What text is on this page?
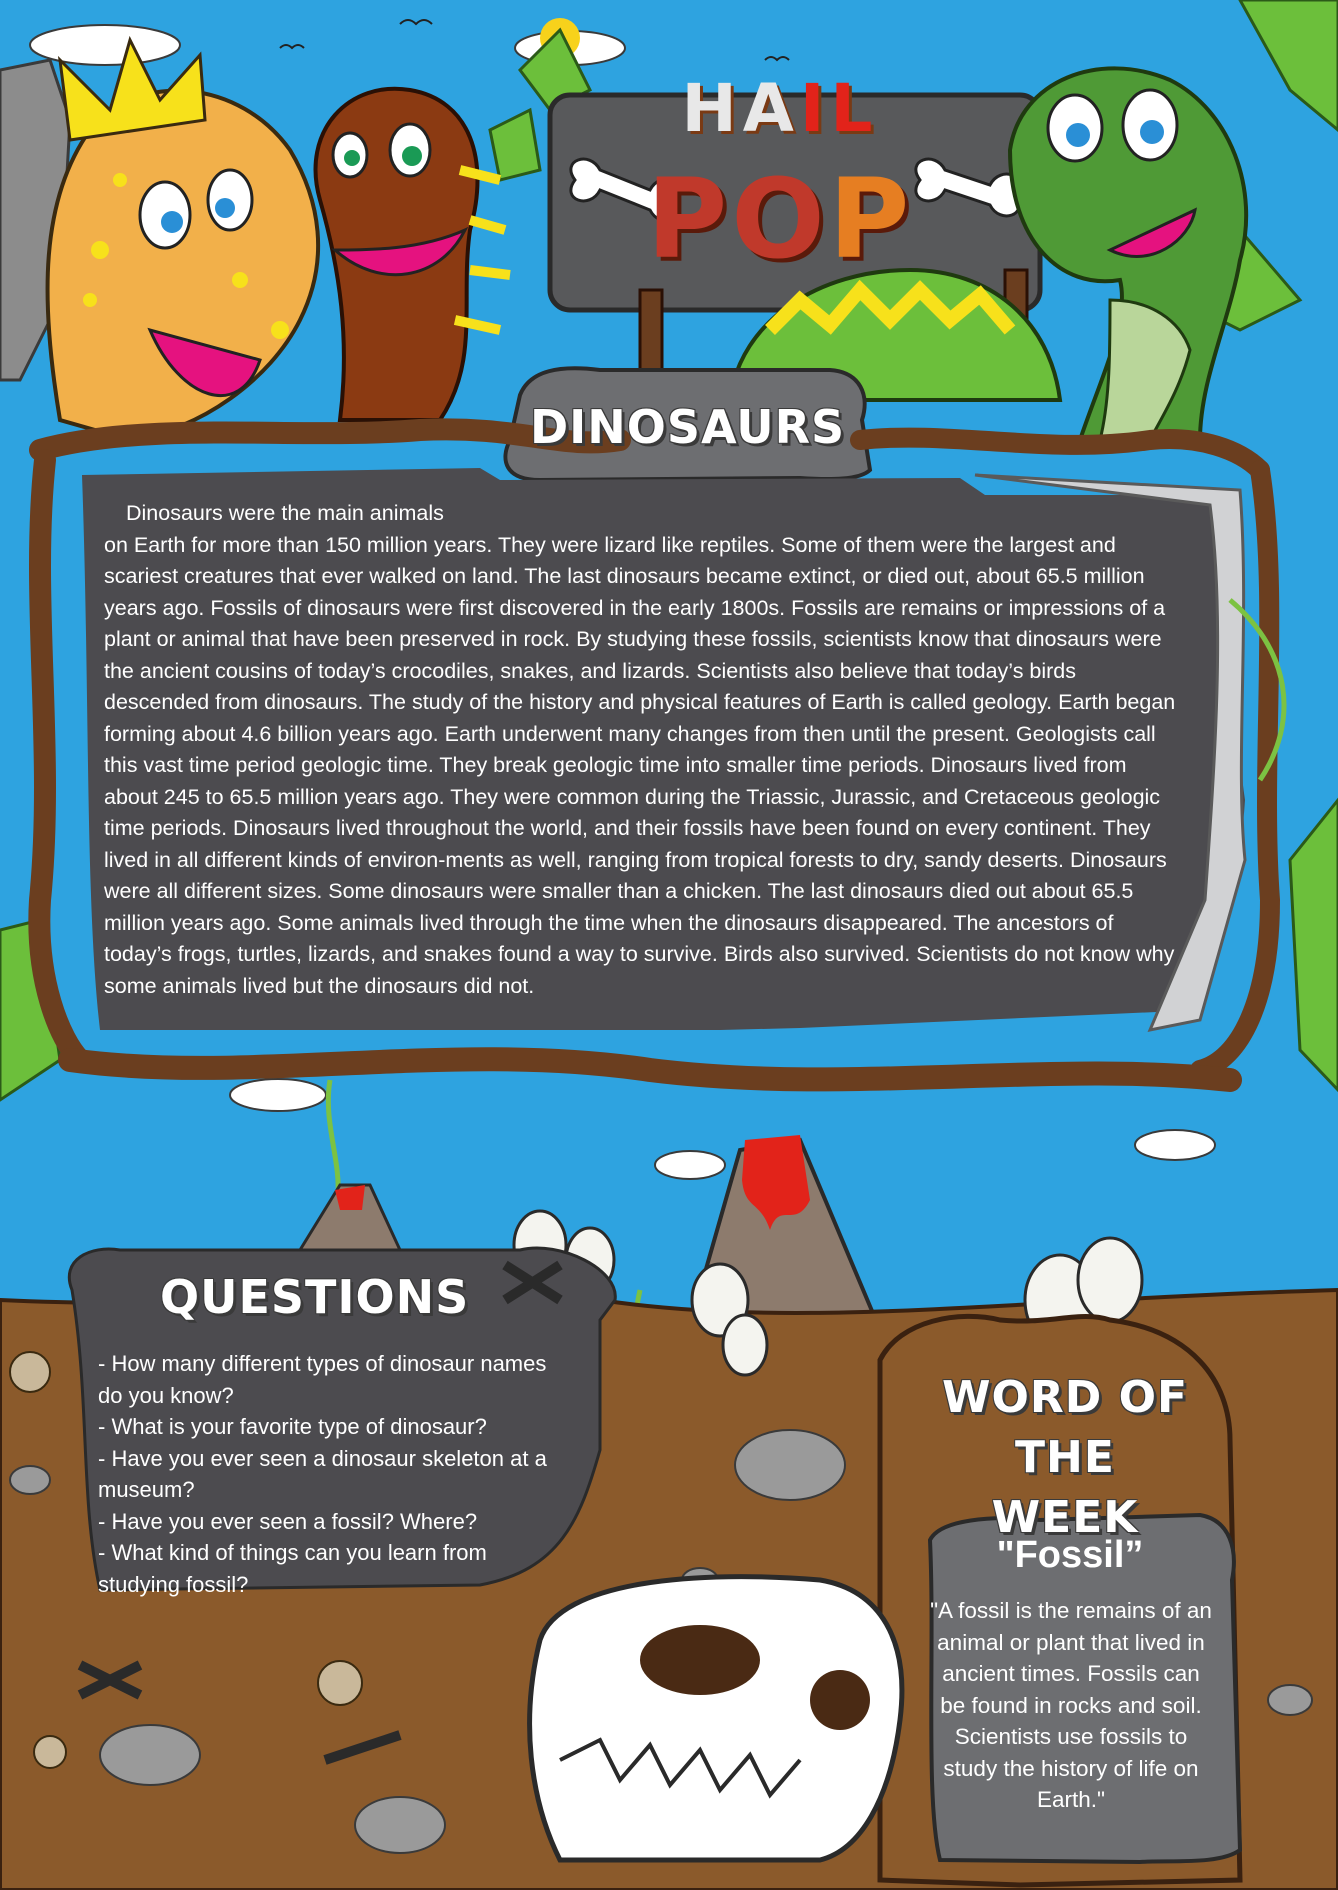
HAIL
POP
DINOSAURS

Dinosaurs were the main animals
on Earth for more than 150 million years. They were lizard like reptiles. Some of them were the largest and scariest creatures that ever walked on land. The last dinosaurs became extinct, or died out, about 65.5 million years ago. Fossils of dinosaurs were first discovered in the early 1800s. Fossils are remains or impressions of a plant or animal that have been preserved in rock. By studying these fossils, scientists know that dinosaurs were the ancient cousins of today’s crocodiles, snakes, and lizards. Scientists also believe that today’s birds descended from dinosaurs. The study of the history and physical features of Earth is called geology. Earth began forming about 4.6 billion years ago. Earth underwent many changes from then until the present. Geologists call this vast time period geologic time. They break geologic time into smaller time periods. Dinosaurs lived from about 245 to 65.5 million years ago. They were common during the Triassic, Jurassic, and Cretaceous geologic time periods. Dinosaurs lived throughout the world, and their fossils have been found on every continent. They lived in all different kinds of environ-ments as well, ranging from tropical forests to dry, sandy deserts. Dinosaurs were all different sizes. Some dinosaurs were smaller than a chicken. The last dinosaurs died out about 65.5 million years ago. Some animals lived through the time when the dinosaurs disappeared. The ancestors of today’s frogs, turtles, lizards, and snakes found a way to survive. Birds also survived. Scientists do not know why some animals lived but the dinosaurs did not.

QUESTIONS
- How many different types of dinosaur names do you know?
- What is your favorite type of dinosaur?
- Have you ever seen a dinosaur skeleton at a museum?
- Have you ever seen a fossil? Where?
- What kind of things can you learn from studying fossil?
WORD OF
THE WEEK
"Fossil”
"A fossil is the remains of an animal or plant that lived in ancient times. Fossils can be found in rocks and soil. Scientists use fossils to study the history of life on Earth."
